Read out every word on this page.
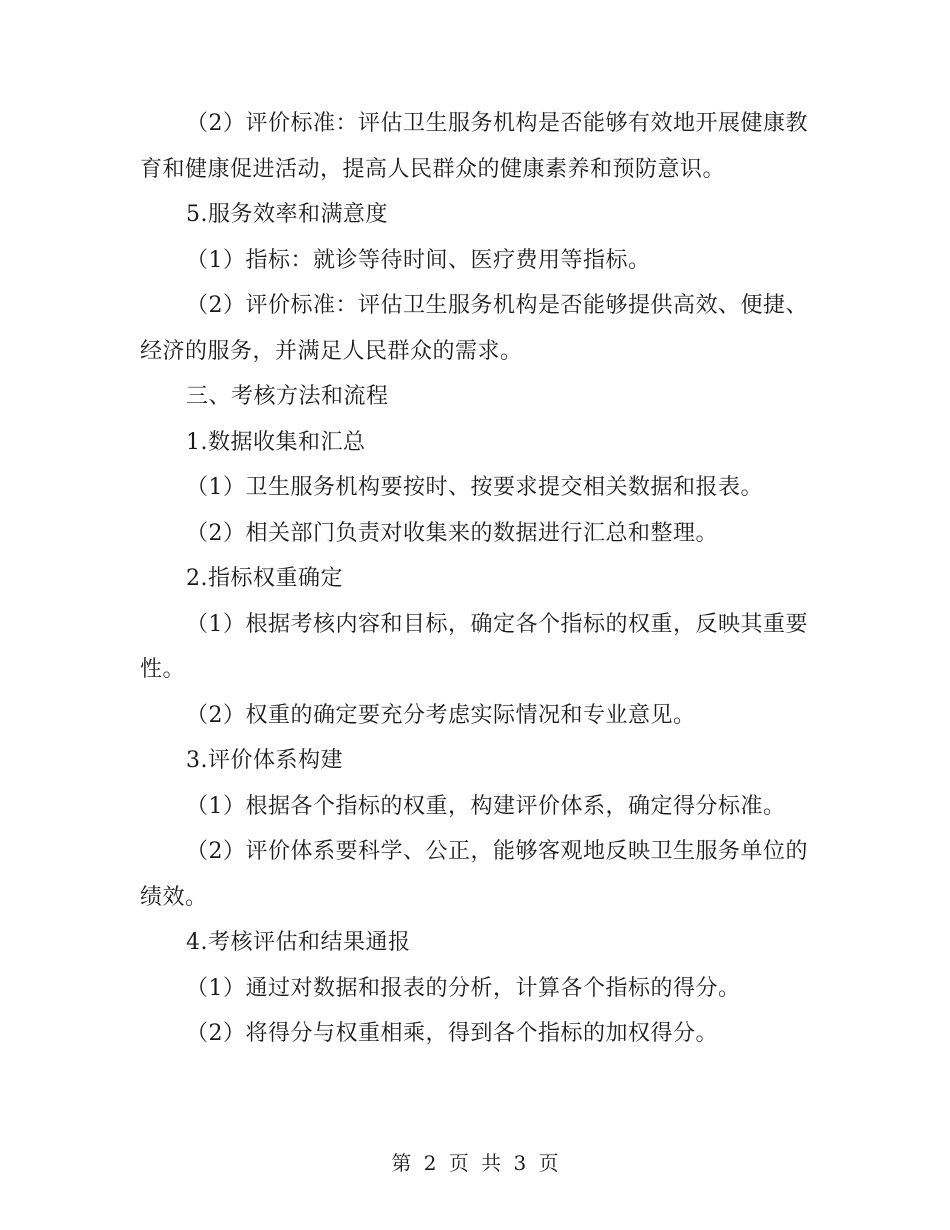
（2）评价标准：评估卫生服务机构是否能够有效地开展健康教育和健康促进活动，提高人民群众的健康素养和预防意识。

5.服务效率和满意度

（1）指标：就诊等待时间、医疗费用等指标。

（2）评价标准：评估卫生服务机构是否能够提供高效、便捷、经济的服务，并满足人民群众的需求。

三、考核方法和流程

1.数据收集和汇总

（1）卫生服务机构要按时、按要求提交相关数据和报表。

（2）相关部门负责对收集来的数据进行汇总和整理。

2.指标权重确定

（1）根据考核内容和目标，确定各个指标的权重，反映其重要性。

（2）权重的确定要充分考虑实际情况和专业意见。

3.评价体系构建

（1）根据各个指标的权重，构建评价体系，确定得分标准。

（2）评价体系要科学、公正，能够客观地反映卫生服务单位的绩效。

4.考核评估和结果通报

（1）通过对数据和报表的分析，计算各个指标的得分。

（2）将得分与权重相乘，得到各个指标的加权得分。

第 2 页 共 3 页
